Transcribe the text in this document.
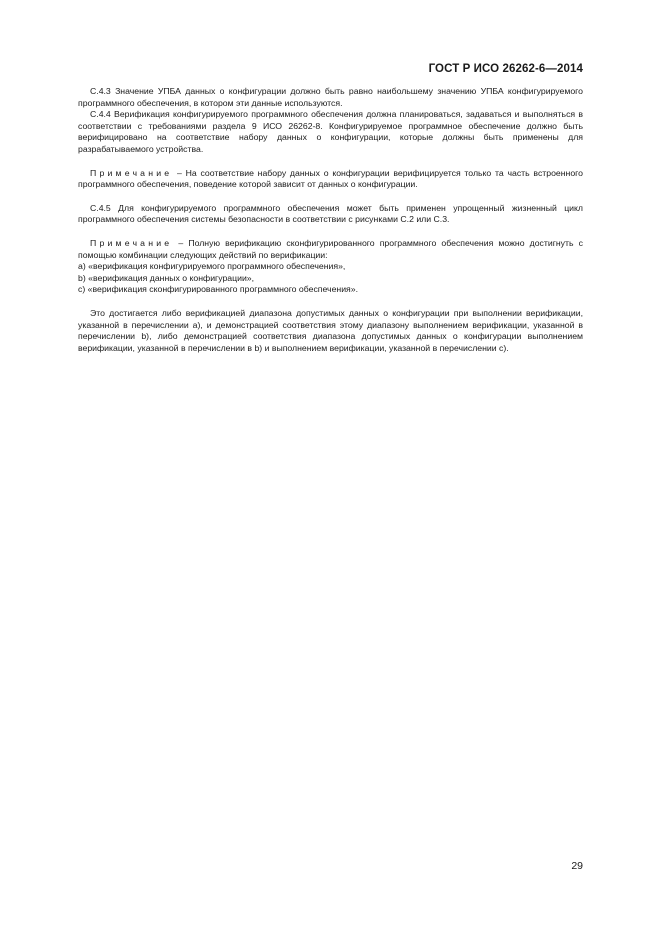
ГОСТ Р ИСО 26262-6—2014

С.4.3 Значение УПБА данных о конфигурации должно быть равно наибольшему значению УПБА конфигурируемого программного обеспечения, в котором эти данные используются.

С.4.4 Верификация конфигурируемого программного обеспечения должна планироваться, задаваться и выполняться в соответствии с требованиями раздела 9 ИСО 26262-8. Конфигурируемое программное обеспечение должно быть верифицировано на соответствие набору данных о конфигурации, которые должны быть применены для разрабатываемого устройства.

Примечание – На соответствие набору данных о конфигурации верифицируется только та часть встроенного программного обеспечения, поведение которой зависит от данных о конфигурации.

С.4.5 Для конфигурируемого программного обеспечения может быть применен упрощенный жизненный цикл программного обеспечения системы безопасности в соответствии с рисунками С.2 или С.3.

Примечание – Полную верификацию сконфигурированного программного обеспечения можно достигнуть с помощью комбинации следующих действий по верификации:

а) «верификация конфигурируемого программного обеспечения»,

b) «верификация данных о конфигурации»,

с) «верификация сконфигурированного программного обеспечения».

Это достигается либо верификацией диапазона допустимых данных о конфигурации при выполнении верификации, указанной в перечислении а), и демонстрацией соответствия этому диапазону выполнением верификации, указанной в перечислении b), либо демонстрацией соответствия диапазона допустимых данных о конфигурации выполнением верификации, указанной в перечислении в b) и выполнением верификации, указанной в перечислении с).

29
